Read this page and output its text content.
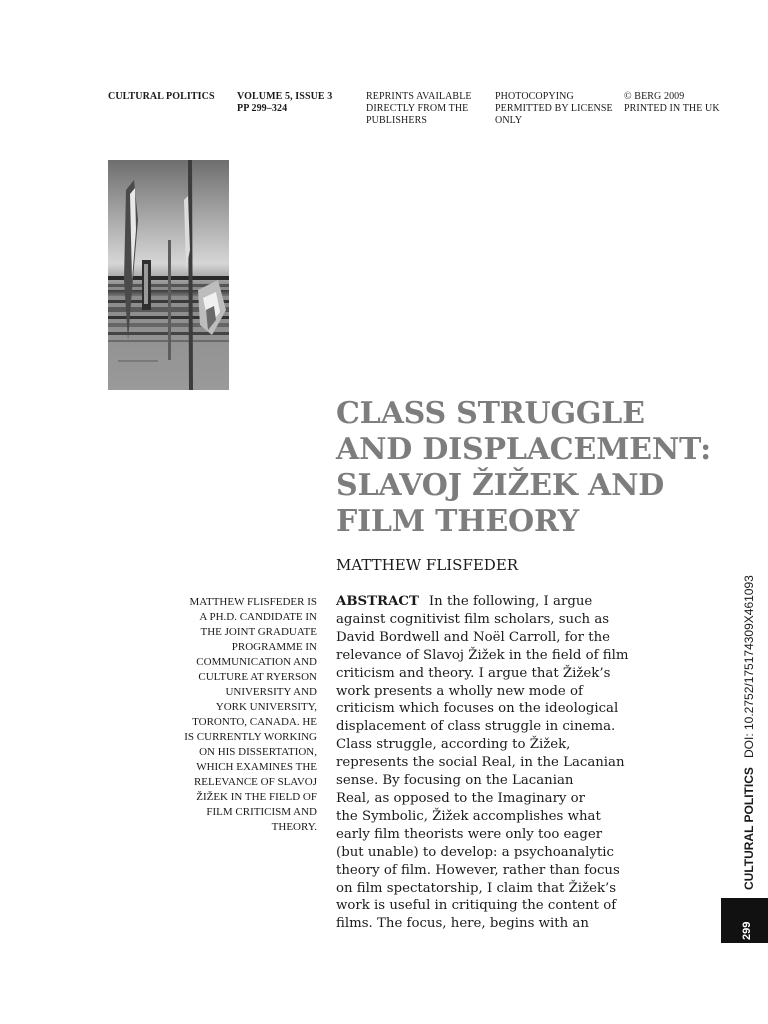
CULTURAL POLITICS VOLUME 5, ISSUE 3
PP 299–324
REPRINTS AVAILABLE
DIRECTLY FROM THE
PUBLISHERS
PHOTOCOPYING
PERMITTED BY LICENSE
ONLY
© BERG 2009
PRINTED IN THE UK
CLASS STRUGGLE
AND DISPLACEMENT:
SLAVOJ ŽIŽEK AND
FILM THEORY
MATTHEW FLISFEDER
MATTHEW FLISFEDER IS
A PH.D. CANDIDATE IN
THE JOINT GRADUATE
PROGRAMME IN
COMMUNICATION AND
CULTURE AT RYERSON
UNIVERSITY AND
YORK UNIVERSITY,
TORONTO, CANADA. HE
IS CURRENTLY WORKING
ON HIS DISSERTATION,
WHICH EXAMINES THE
RELEVANCE OF SLAVOJ
ŽIŽEK IN THE FIELD OF
FILM CRITICISM AND
THEORY.
ABSTRACT In the following, I argue
against cognitivist film scholars, such as
David Bordwell and Noël Carroll, for the
relevance of Slavoj Žižek in the field of film
criticism and theory. I argue that Žižek’s
work presents a wholly new mode of
criticism which focuses on the ideological
displacement of class struggle in cinema.
Class struggle, according to Žižek,
represents the social Real, in the Lacanian
sense. By focusing on the Lacanian
Real, as opposed to the Imaginary or
the Symbolic, Žižek accomplishes what
early film theorists were only too eager
(but unable) to develop: a psychoanalytic
theory of film. However, rather than focus
on film spectatorship, I claim that Žižek’s
work is useful in critiquing the content of
films. The focus, here, begins with an
CULTURAL POLITICS
DOI: 10.2752/175174309X461093
299
